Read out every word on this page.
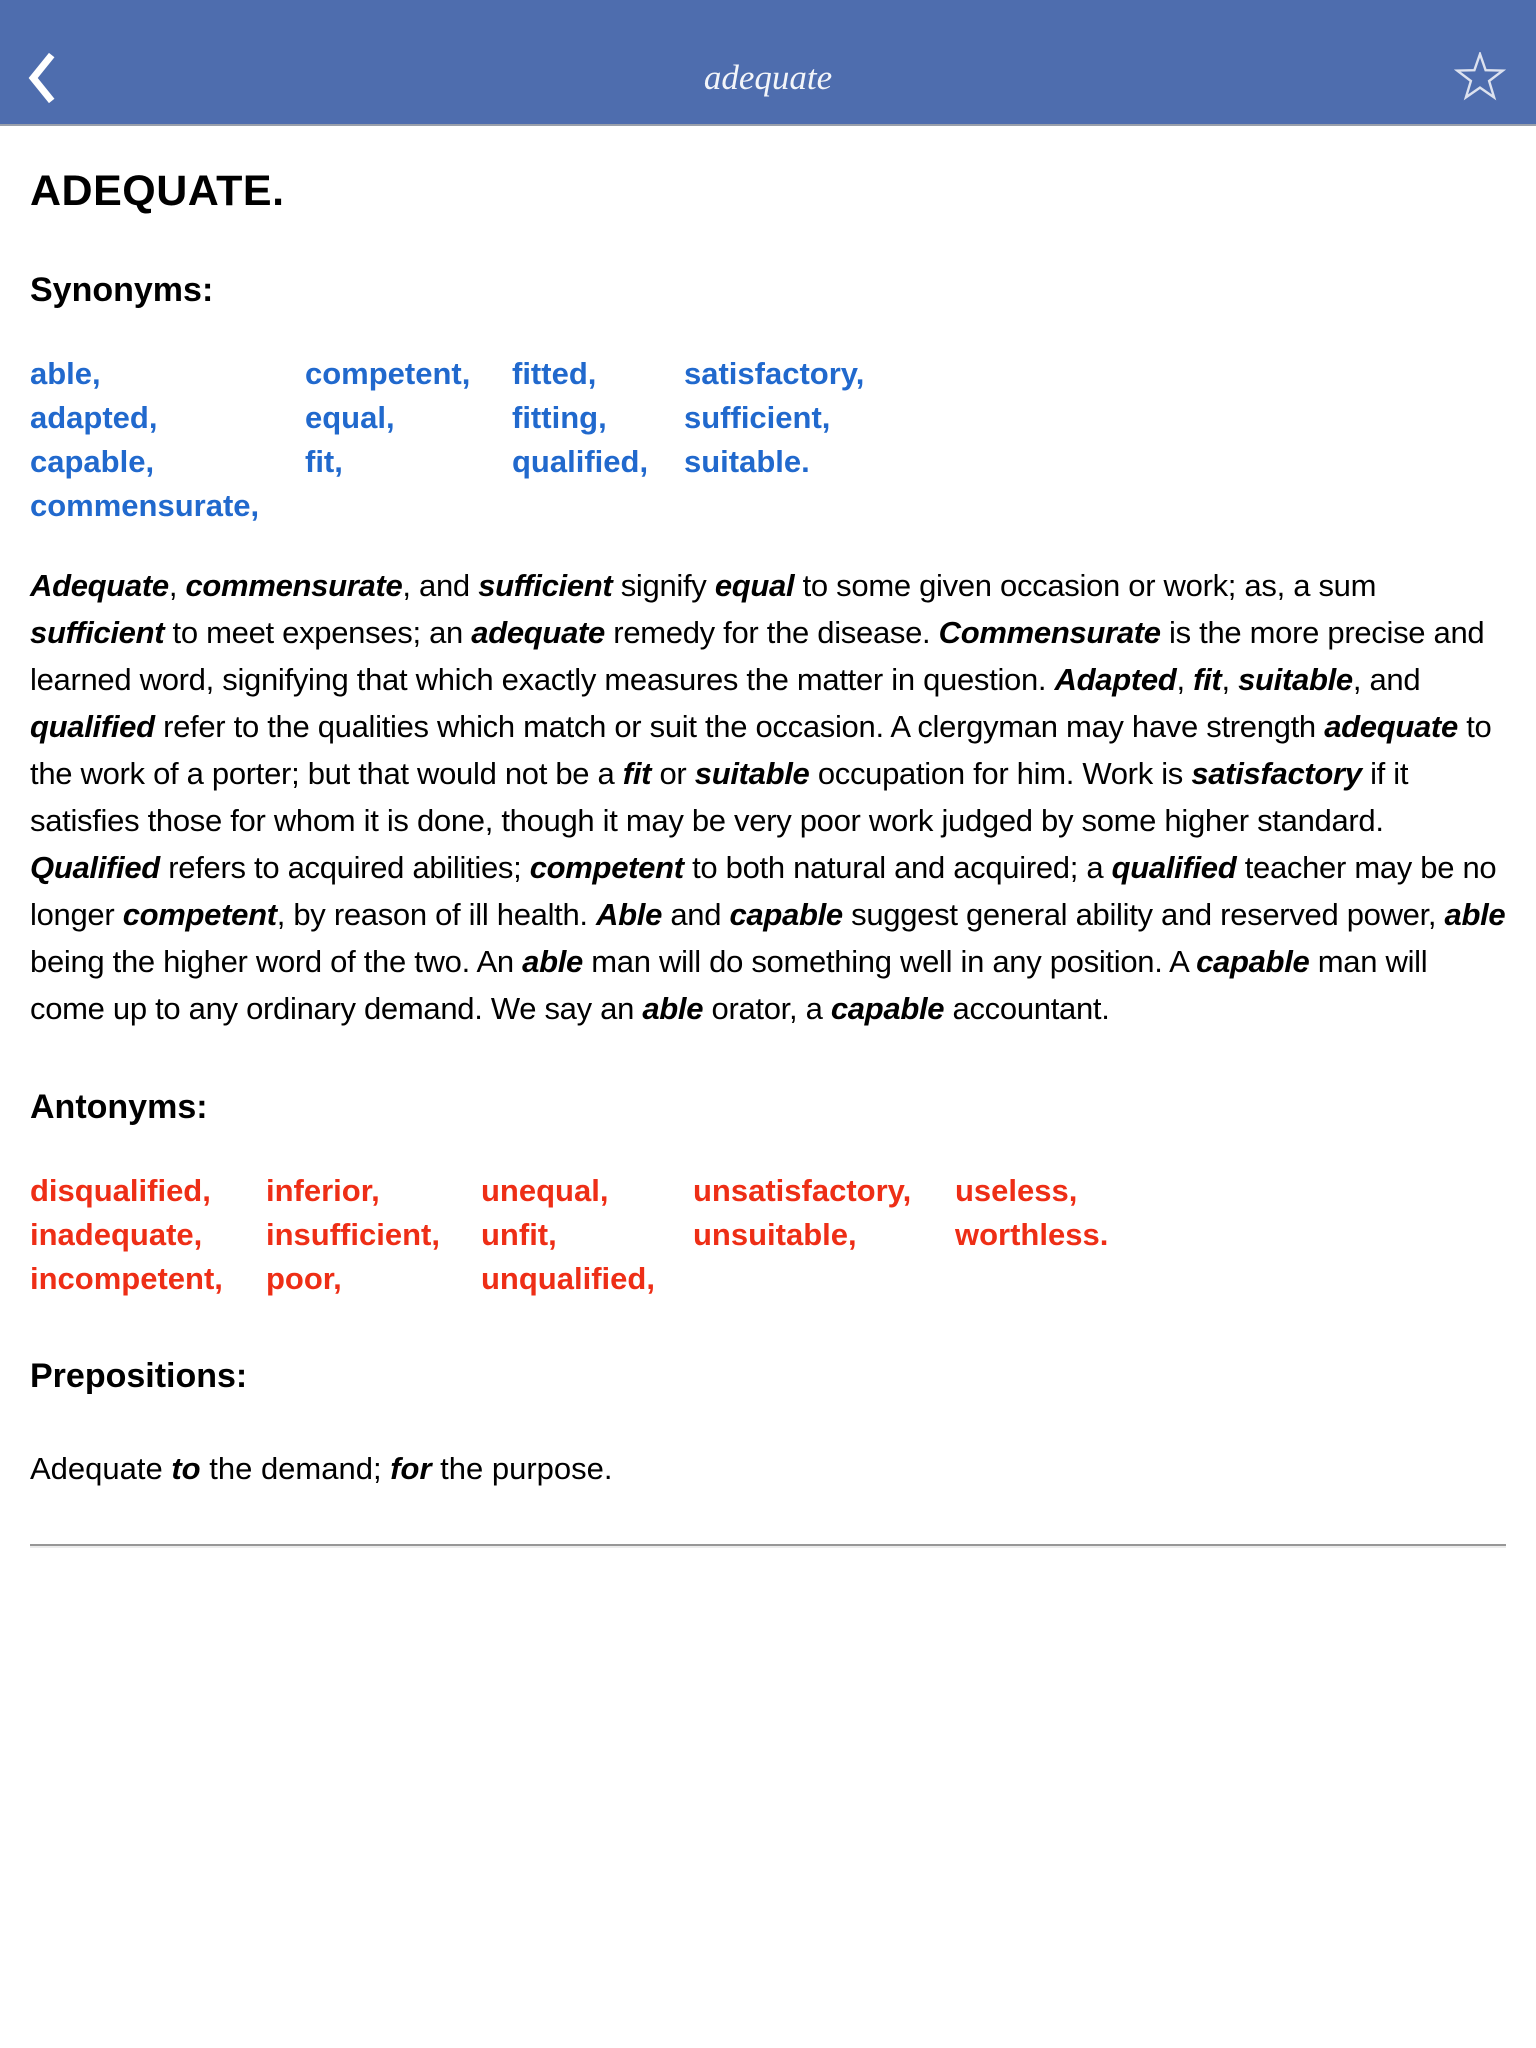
adequate
ADEQUATE.
Synonyms:
able,
adapted,
capable,
commensurate,
competent,
equal,
fit,
fitted,
fitting,
qualified,
satisfactory,
sufficient,
suitable.

Adequate, commensurate, and sufficient signify equal to some given occasion or work; as, a sum sufficient to meet expenses; an adequate remedy for the disease. Commensurate is the more precise and learned word, signifying that which exactly measures the matter in question. Adapted, fit, suitable, and qualified refer to the qualities which match or suit the occasion. A clergyman may have strength adequate to the work of a porter; but that would not be a fit or suitable occupation for him. Work is satisfactory if it satisfies those for whom it is done, though it may be very poor work judged by some higher standard. Qualified refers to acquired abilities; competent to both natural and acquired; a qualified teacher may be no longer competent, by reason of ill health. Able and capable suggest general ability and reserved power, able being the higher word of the two. An able man will do something well in any position. A capable man will come up to any ordinary demand. We say an able orator, a capable accountant.

Antonyms:
disqualified,
inadequate,
incompetent,
inferior,
insufficient,
poor,
unequal,
unfit,
unqualified,
unsatisfactory,
unsuitable,
useless,
worthless.
Prepositions:

Adequate to the demand; for the purpose.
